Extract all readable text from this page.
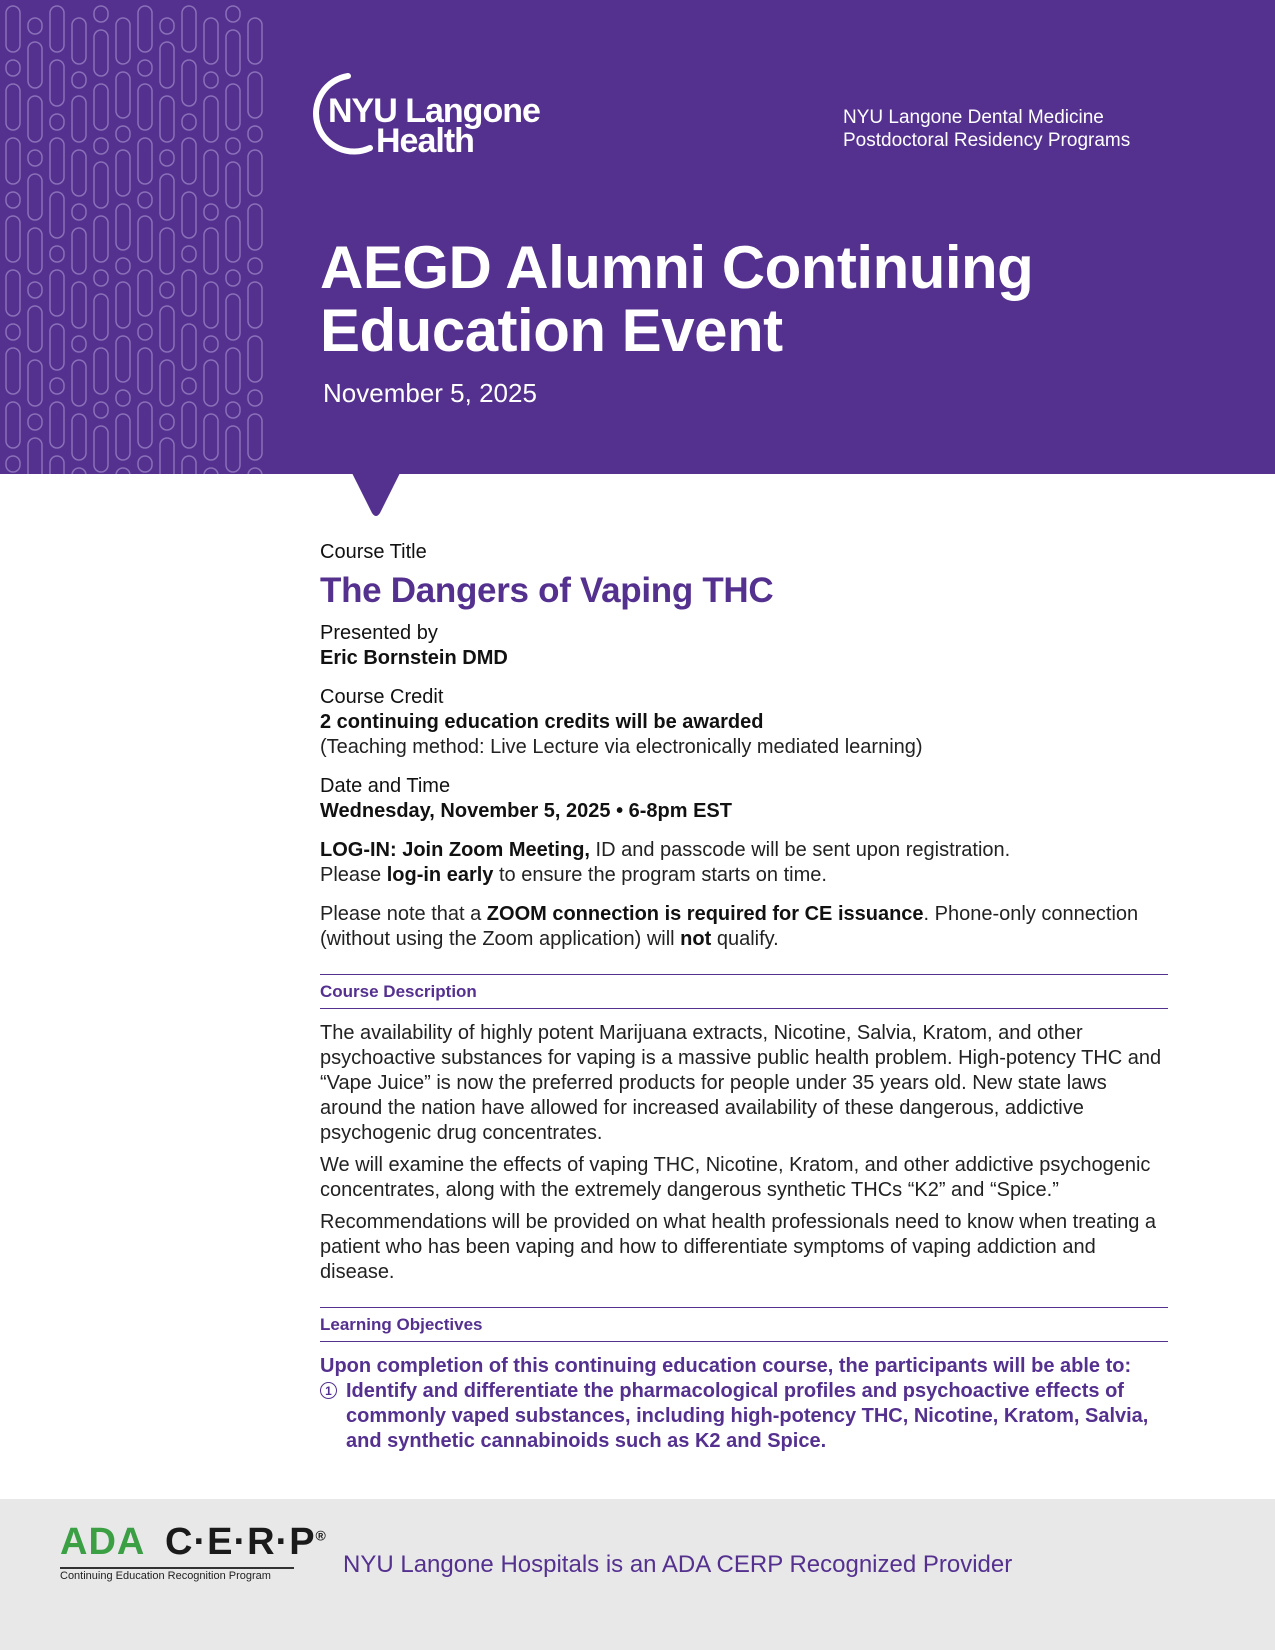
NYU Langone
Health
NYU Langone Dental Medicine
Postdoctoral Residency Programs
AEGD Alumni Continuing
Education Event
November 5, 2025
Course Title
The Dangers of Vaping THC
Presented by
Eric Bornstein DMD
Course Credit
2 continuing education credits will be awarded
(Teaching method: Live Lecture via electronically mediated learning)
Date and Time
Wednesday, November 5, 2025 • 6-8pm EST
LOG-IN: Join Zoom Meeting, ID and passcode will be sent upon registration.
Please log-in early to ensure the program starts on time.
Please note that a ZOOM connection is required for CE issuance. Phone-only connection (without using the Zoom application) will not qualify.
Course Description
The availability of highly potent Marijuana extracts, Nicotine, Salvia, Kratom, and other psychoactive substances for vaping is a massive public health problem. High-potency THC and “Vape Juice” is now the preferred products for people under 35 years old. New state laws around the nation have allowed for increased availability of these dangerous, addictive psychogenic drug concentrates.
We will examine the effects of vaping THC, Nicotine, Kratom, and other addictive psychogenic concentrates, along with the extremely dangerous synthetic THCs “K2” and “Spice.”
Recommendations will be provided on what health professionals need to know when treating a patient who has been vaping and how to differentiate symptoms of vaping addiction and disease.
Learning Objectives
Upon completion of this continuing education course, the participants will be able to:
1 Identify and differentiate the pharmacological profiles and psychoactive effects of commonly vaped substances, including high-potency THC, Nicotine, Kratom, Salvia, and synthetic cannabinoids such as K2 and Spice.
ADA C·E·R·P®
Continuing Education Recognition Program	NYU Langone Hospitals is an ADA CERP Recognized Provider
